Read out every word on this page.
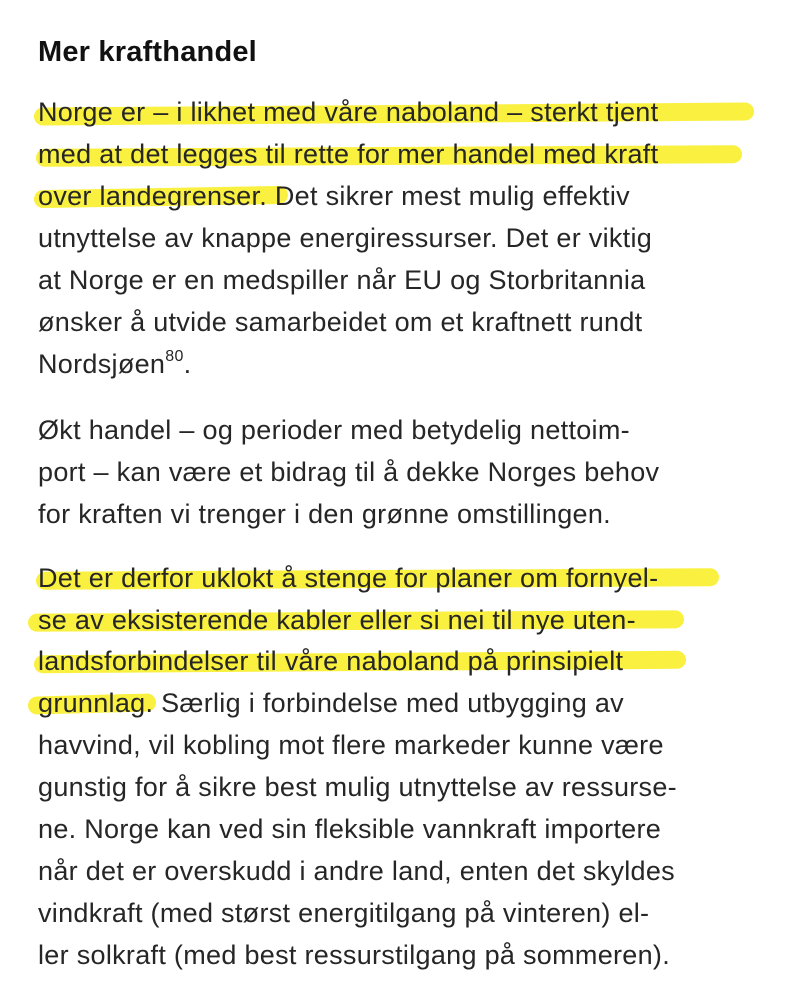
Mer krafthandel

Norge er – i likhet med våre naboland – sterkt tjent

med at det legges til rette for mer handel med kraft

over landegrenser. Det sikrer mest mulig effektiv

utnyttelse av knappe energiressurser. Det er viktig

at Norge er en medspiller når EU og Storbritannia

ønsker å utvide samarbeidet om et kraftnett rundt

Nordsjøen$^{80}$.

Økt handel – og perioder med betydelig nettoim-

port – kan være et bidrag til å dekke Norges behov

for kraften vi trenger i den grønne omstillingen.

Det er derfor uklokt å stenge for planer om fornyel-

se av eksisterende kabler eller si nei til nye uten-

landsforbindelser til våre naboland på prinsipielt

grunnlag. Særlig i forbindelse med utbygging av

havvind, vil kobling mot flere markeder kunne være

gunstig for å sikre best mulig utnyttelse av ressurse-

ne. Norge kan ved sin fleksible vannkraft importere

når det er overskudd i andre land, enten det skyldes

vindkraft (med størst energitilgang på vinteren) el-

ler solkraft (med best ressurstilgang på sommeren).
